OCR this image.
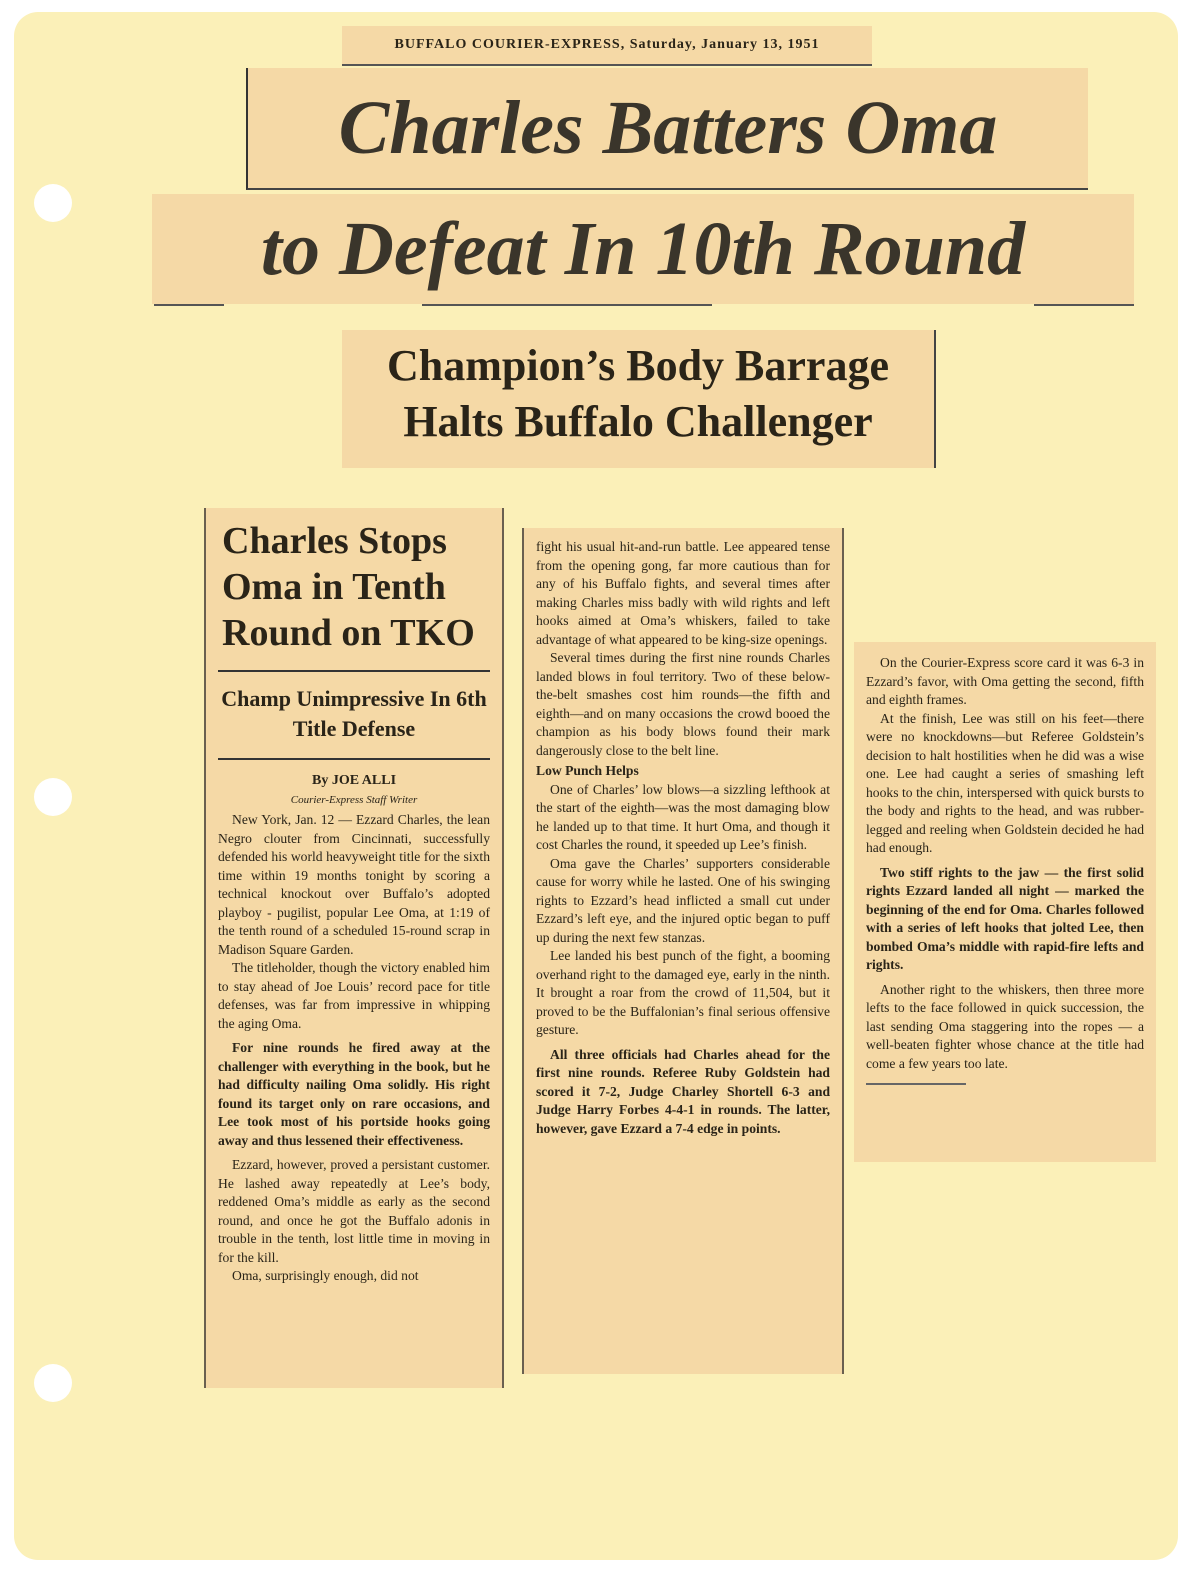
BUFFALO COURIER-EXPRESS, Saturday, January 13, 1951
Charles Batters Oma
to Defeat In 10th Round
Champion’s Body Barrage
Halts Buffalo Challenger
Charles Stops Oma in Tenth Round on TKO
Champ Unimpressive In 6th Title Defense
By JOE ALLI
Courier-Express Staff Writer

New York, Jan. 12 — Ezzard Charles, the lean Negro clouter from Cincinnati, successfully defended his world heavyweight title for the sixth time within 19 months tonight by scoring a technical knockout over Buffalo’s adopted playboy - pugilist, popular Lee Oma, at 1:19 of the tenth round of a scheduled 15-round scrap in Madison Square Garden.

The titleholder, though the victory enabled him to stay ahead of Joe Louis’ record pace for title defenses, was far from impressive in whipping the aging Oma.

For nine rounds he fired away at the challenger with everything in the book, but he had difficulty nailing Oma solidly. His right found its target only on rare occasions, and Lee took most of his portside hooks going away and thus lessened their effectiveness.

Ezzard, however, proved a persistant customer. He lashed away repeatedly at Lee’s body, reddened Oma’s middle as early as the second round, and once he got the Buffalo adonis in trouble in the tenth, lost little time in moving in for the kill.

Oma, surprisingly enough, did not

fight his usual hit-and-run battle. Lee appeared tense from the opening gong, far more cautious than for any of his Buffalo fights, and several times after making Charles miss badly with wild rights and left hooks aimed at Oma’s whiskers, failed to take advantage of what appeared to be king-size openings.

Several times during the first nine rounds Charles landed blows in foul territory. Two of these below-the-belt smashes cost him rounds—the fifth and eighth—and on many occasions the crowd booed the champion as his body blows found their mark dangerously close to the belt line.

Low Punch Helps

One of Charles’ low blows—a sizzling lefthook at the start of the eighth—was the most damaging blow he landed up to that time. It hurt Oma, and though it cost Charles the round, it speeded up Lee’s finish.

Oma gave the Charles’ supporters considerable cause for worry while he lasted. One of his swinging rights to Ezzard’s head inflicted a small cut under Ezzard’s left eye, and the injured optic began to puff up during the next few stanzas.

Lee landed his best punch of the fight, a booming overhand right to the damaged eye, early in the ninth. It brought a roar from the crowd of 11,504, but it proved to be the Buffalonian’s final serious offensive gesture.

All three officials had Charles ahead for the first nine rounds. Referee Ruby Goldstein had scored it 7-2, Judge Charley Shortell 6-3 and Judge Harry Forbes 4-4-1 in rounds. The latter, however, gave Ezzard a 7-4 edge in points.

On the Courier-Express score card it was 6-3 in Ezzard’s favor, with Oma getting the second, fifth and eighth frames.

At the finish, Lee was still on his feet—there were no knockdowns—but Referee Goldstein’s decision to halt hostilities when he did was a wise one. Lee had caught a series of smashing left hooks to the chin, interspersed with quick bursts to the body and rights to the head, and was rubber-legged and reeling when Goldstein decided he had had enough.

Two stiff rights to the jaw — the first solid rights Ezzard landed all night — marked the beginning of the end for Oma. Charles followed with a series of left hooks that jolted Lee, then bombed Oma’s middle with rapid-fire lefts and rights.

Another right to the whiskers, then three more lefts to the face followed in quick succession, the last sending Oma staggering into the ropes — a well-beaten fighter whose chance at the title had come a few years too late.
